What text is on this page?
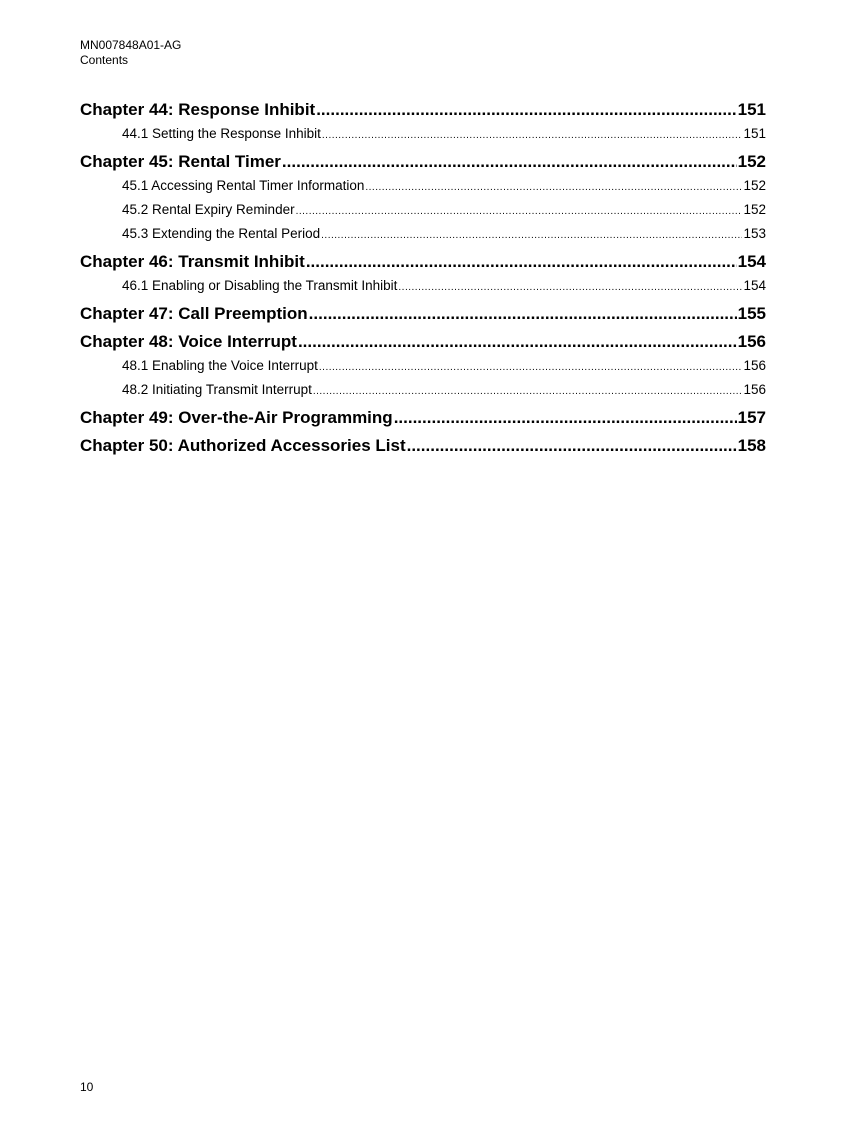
MN007848A01-AG
Contents
Chapter 44: Response Inhibit .....	151
44.1 Setting the Response Inhibit .....	151
Chapter 45: Rental Timer .....	152
45.1 Accessing Rental Timer Information .....	152
45.2 Rental Expiry Reminder .....	152
45.3 Extending the Rental Period .....	153
Chapter 46: Transmit Inhibit .....	154
46.1 Enabling or Disabling the Transmit Inhibit .....	154
Chapter 47: Call Preemption .....	155
Chapter 48: Voice Interrupt .....	156
48.1 Enabling the Voice Interrupt .....	156
48.2 Initiating Transmit Interrupt .....	156
Chapter 49: Over-the-Air Programming .....	157
Chapter 50: Authorized Accessories List .....	158
10
